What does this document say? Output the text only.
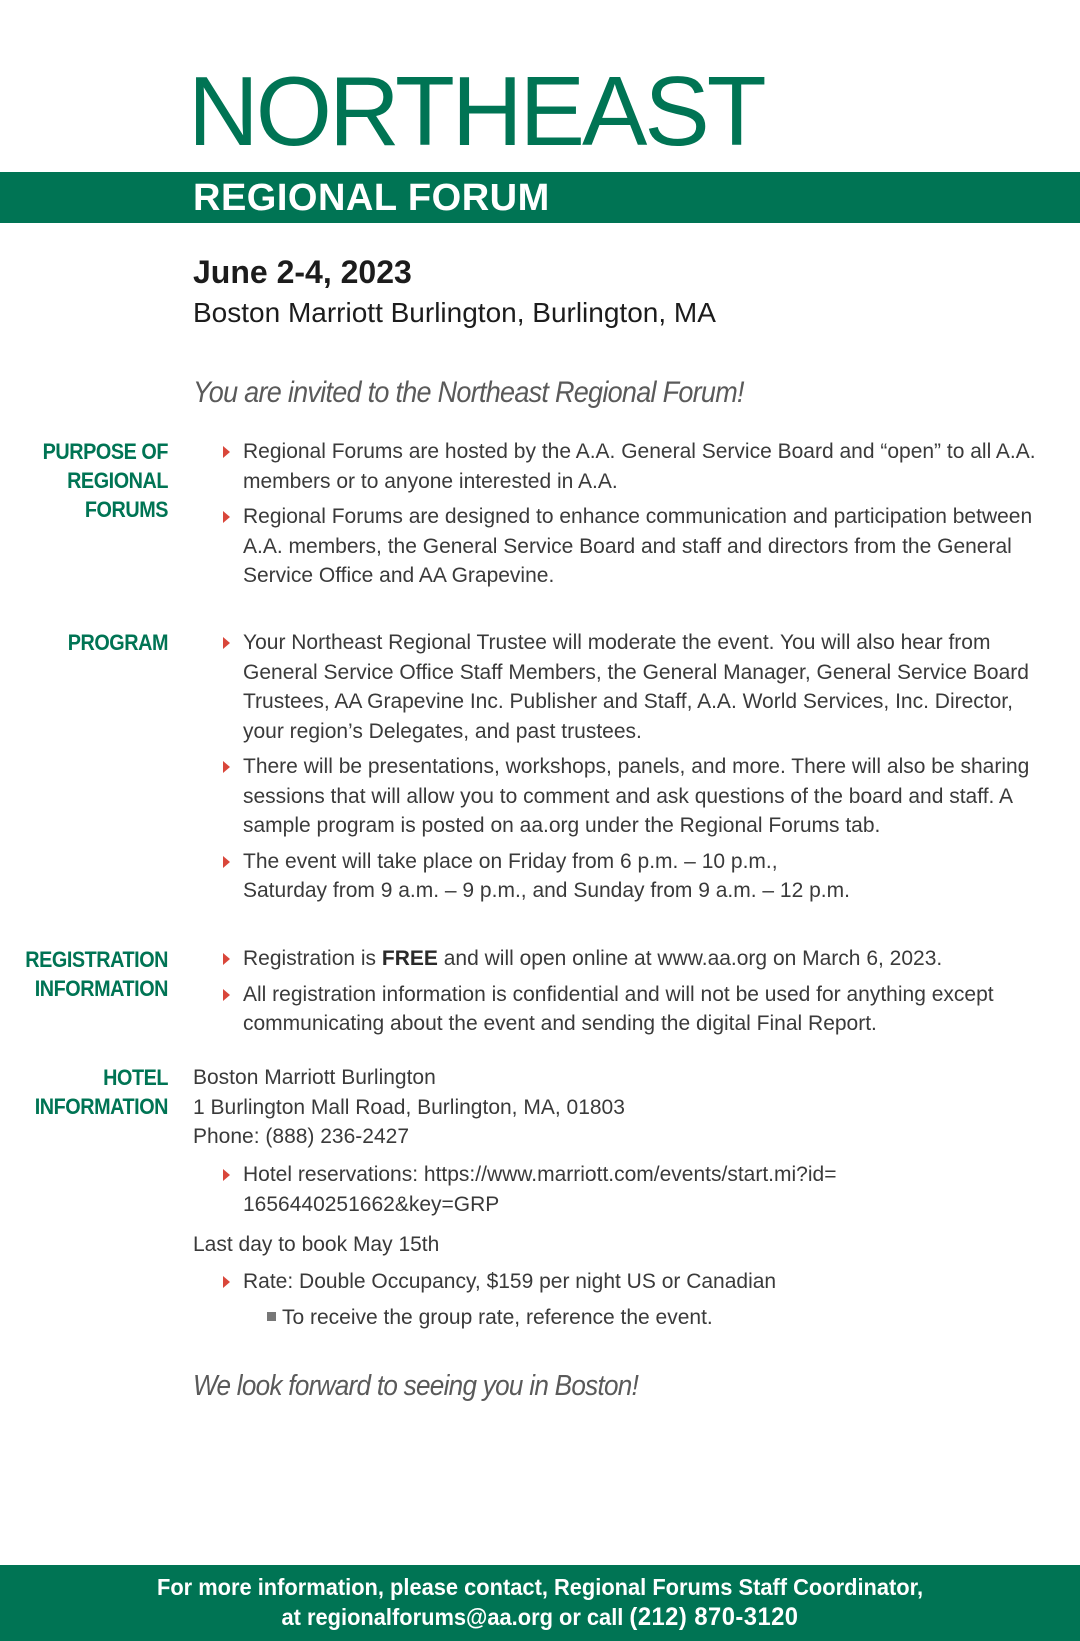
NORTHEAST
REGIONAL FORUM
June 2-4, 2023
Boston Marriott Burlington, Burlington, MA
You are invited to the Northeast Regional Forum!
PURPOSE OF
REGIONAL
FORUMS
Regional Forums are hosted by the A.A. General Service Board and “open” to all A.A. members or to anyone interested in A.A.
Regional Forums are designed to enhance communication and participation between A.A. members, the General Service Board and staff and directors from the General Service Office and AA Grapevine.
PROGRAM	Your Northeast Regional Trustee will moderate the event. You will also hear from General Service Office Staff Members, the General Manager, General Service Board Trustees, AA Grapevine Inc. Publisher and Staff, A.A. World Services, Inc. Director, your region’s Delegates, and past trustees.
There will be presentations, workshops, panels, and more. There will also be sharing sessions that will allow you to comment and ask questions of the board and staff. A sample program is posted on aa.org under the Regional Forums tab.
The event will take place on Friday from 6 p.m. – 10 p.m.,
Saturday from 9 a.m. – 9 p.m., and Sunday from 9 a.m. – 12 p.m.
REGISTRATION
INFORMATION
Registration is FREE and will open online at www.aa.org on March 6, 2023.
All registration information is confidential and will not be used for anything except communicating about the event and sending the digital Final Report.
HOTEL
INFORMATION
Boston Marriott Burlington
1 Burlington Mall Road, Burlington, MA, 01803
Phone: (888) 236-2427
Hotel reservations: https://www.marriott.com/events/start.mi?id=
1656440251662&key=GRP
Last day to book May 15th
Rate: Double Occupancy, $159 per night US or Canadian
To receive the group rate, reference the event.
We look forward to seeing you in Boston!
For more information, please contact, Regional Forums Staff Coordinator,
at regionalforums@aa.org or call (212) 870-3120
